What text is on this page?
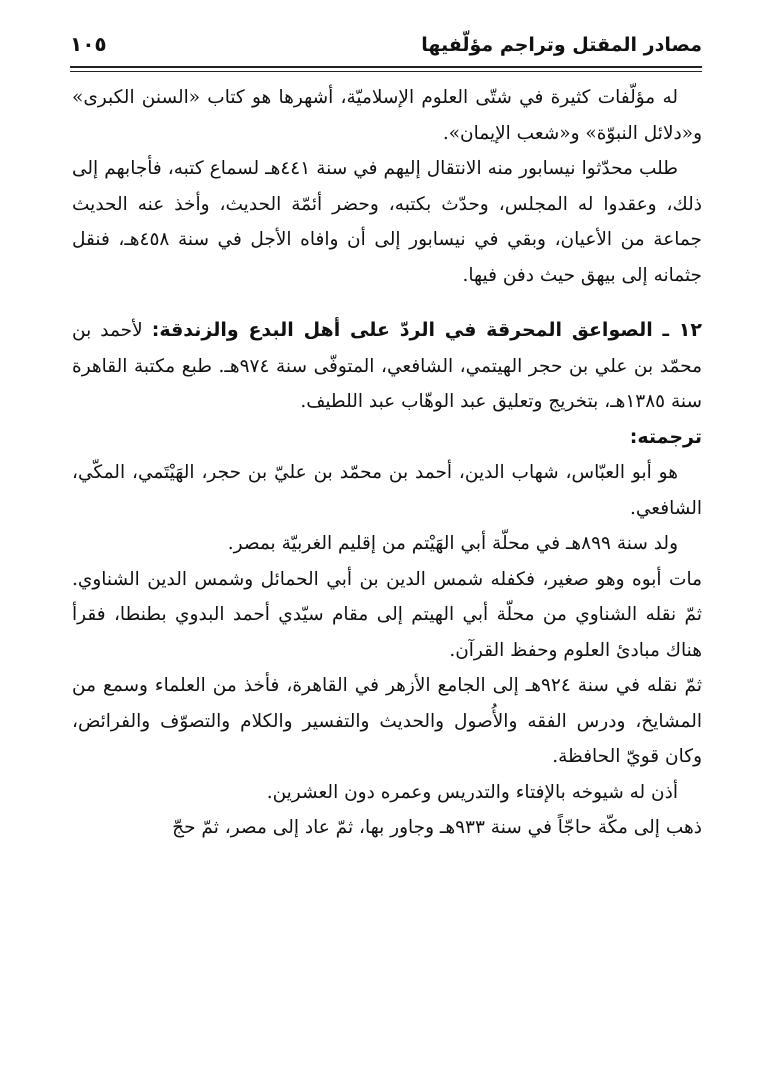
مصادر المقتل وتراجم مؤلّفيها
١٠٥

له مؤلّفات كثيرة في شتّى العلوم الإسلاميّة، أشهرها هو كتاب «السنن الكبرى» و«دلائل النبوّة» و«شعب الإيمان».

طلب محدّثوا نيسابور منه الانتقال إليهم في سنة ٤٤١هـ لسماع كتبه، فأجابهم إلى ذلك، وعقدوا له المجلس، وحدّث بكتبه، وحضر أئمّة الحديث، وأخذ عنه الحديث جماعة من الأعيان، وبقي في نيسابور إلى أن وافاه الأجل في سنة ٤٥٨هـ، فنقل جثمانه إلى بيهق حيث دفن فيها.

١٢ ـ الصواعق المحرقة في الردّ على أهل البدع والزندقة: لأحمد بن محمّد بن علي بن حجر الهيتمي، الشافعي، المتوفّى سنة ٩٧٤هـ. طبع مكتبة القاهرة سنة ١٣٨٥هـ، بتخريج وتعليق عبد الوهّاب عبد اللطيف.

ترجمته:

هو أبو العبّاس، شهاب الدين، أحمد بن محمّد بن عليّ بن حجر، الهَيْتَمي، المكّي، الشافعي.

ولد سنة ٨٩٩هـ في محلّة أبي الهَيْتم من إقليم الغربيّة بمصر.

مات أبوه وهو صغير، فكفله شمس الدين بن أبي الحمائل وشمس الدين الشناوي. ثمّ نقله الشناوي من محلّة أبي الهيتم إلى مقام سيّدي أحمد البدوي بطنطا، فقرأ هناك مبادئ العلوم وحفظ القرآن.

ثمّ نقله في سنة ٩٢٤هـ إلى الجامع الأزهر في القاهرة، فأخذ من العلماء وسمع من المشايخ، ودرس الفقه والأُصول والحديث والتفسير والكلام والتصوّف والفرائض، وكان قويّ الحافظة.

أذن له شيوخه بالإفتاء والتدريس وعمره دون العشرين.

ذهب إلى مكّة حاجّاً في سنة ٩٣٣هـ وجاور بها، ثمّ عاد إلى مصر، ثمّ حجّ
